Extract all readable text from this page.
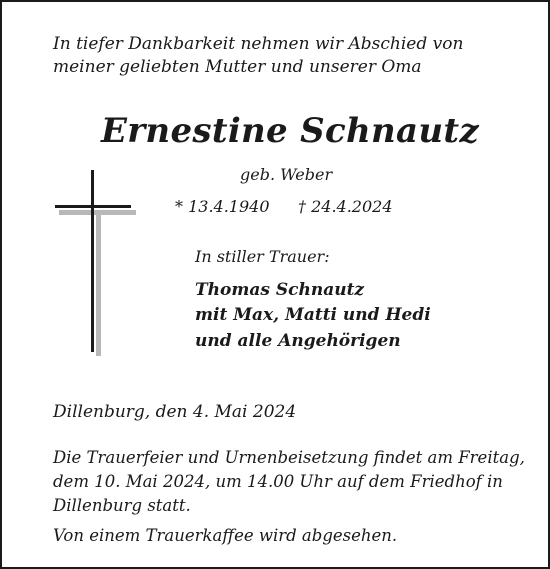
In tiefer Dankbarkeit nehmen wir Abschied von
meiner geliebten Mutter und unserer Oma
Ernestine Schnautz
geb. Weber
* 13.4.1940 † 24.4.2024
In stiller Trauer:
Thomas Schnautz
mit Max, Matti und Hedi
und alle Angehörigen
Dillenburg, den 4. Mai 2024
Die Trauerfeier und Urnenbeisetzung findet am Freitag,
dem 10. Mai 2024, um 14.00 Uhr auf dem Friedhof in
Dillenburg statt.
Von einem Trauerkaffee wird abgesehen.
